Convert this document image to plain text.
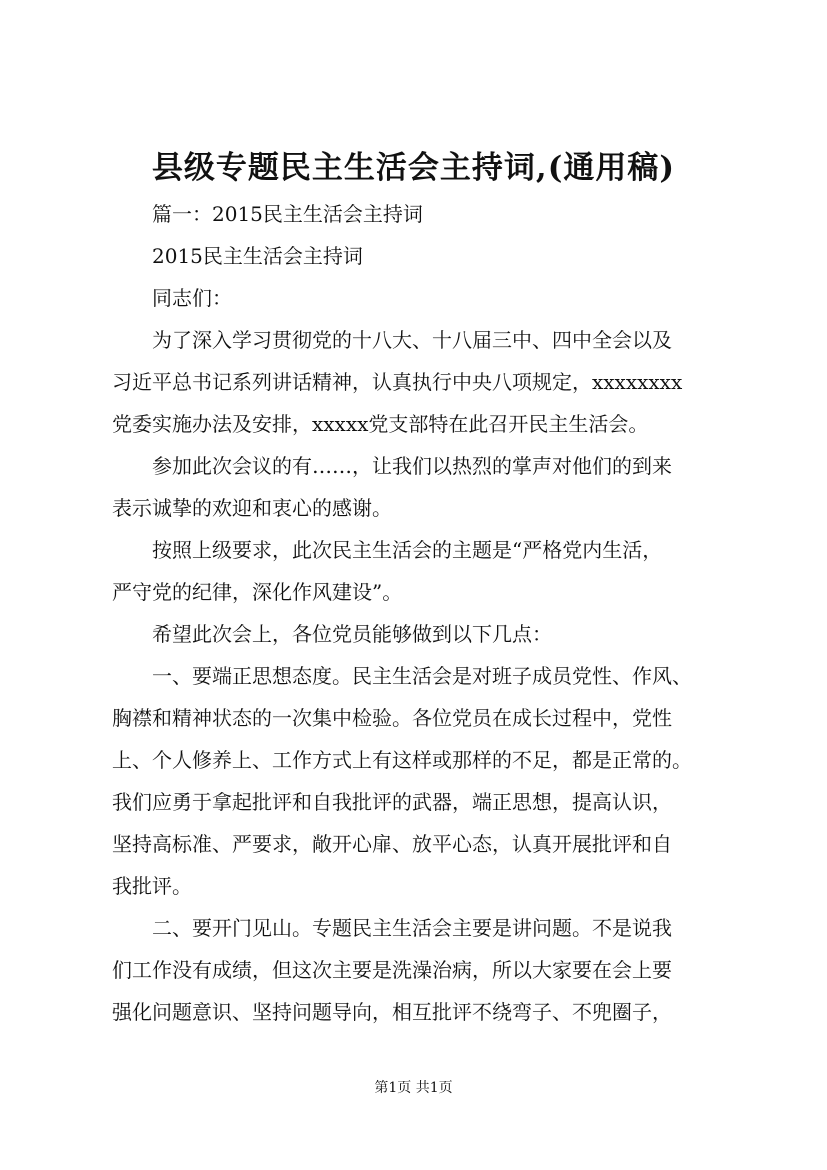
县级专题民主生活会主持词,(通用稿)
　　篇一：2015民主生活会主持词
　　2015民主生活会主持词
　　同志们：
　　为了深入学习贯彻党的十八大、十八届三中、四中全会以及
习近平总书记系列讲话精神，认真执行中央八项规定，xxxxxxxx
党委实施办法及安排，xxxxx党支部特在此召开民主生活会。
　　参加此次会议的有……，让我们以热烈的掌声对他们的到来
表示诚挚的欢迎和衷心的感谢。
　　按照上级要求，此次民主生活会的主题是“严格党内生活，
严守党的纪律，深化作风建设”。
　　希望此次会上，各位党员能够做到以下几点：
　　一、要端正思想态度。民主生活会是对班子成员党性、作风、
胸襟和精神状态的一次集中检验。各位党员在成长过程中，党性
上、个人修养上、工作方式上有这样或那样的不足，都是正常的。
我们应勇于拿起批评和自我批评的武器，端正思想，提高认识，
坚持高标准、严要求，敞开心扉、放平心态，认真开展批评和自
我批评。
　　二、要开门见山。专题民主生活会主要是讲问题。不是说我
们工作没有成绩，但这次主要是洗澡治病，所以大家要在会上要
强化问题意识、坚持问题导向，相互批评不绕弯子、不兜圈子，
第1页 共1页
